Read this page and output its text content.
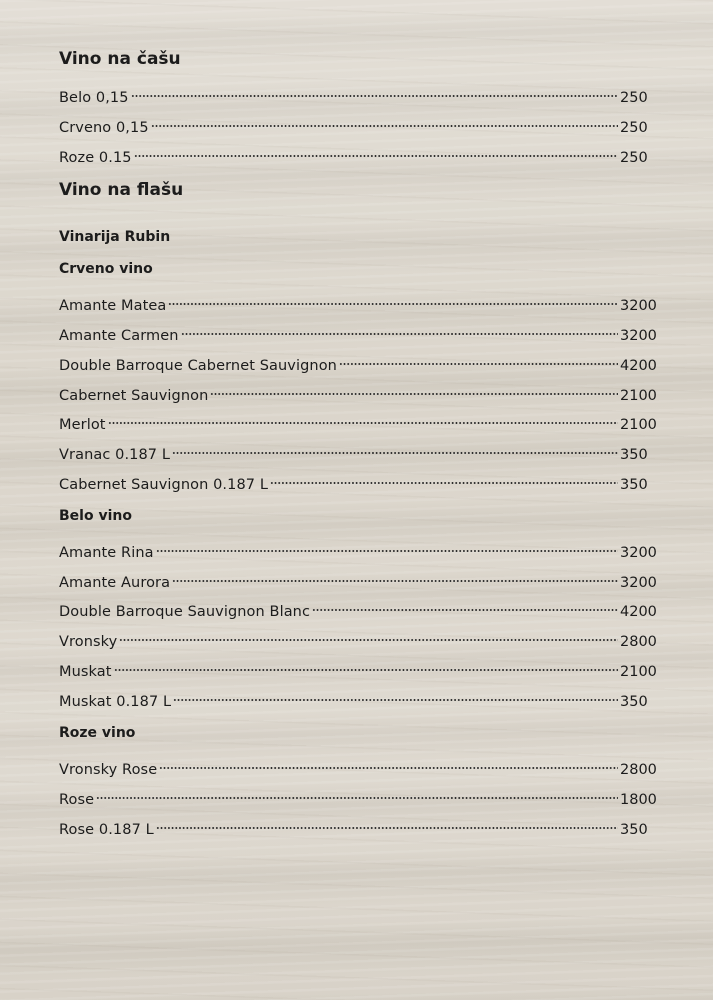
Vino na čašu
Belo 0,15	250
Crveno 0,15	250
Roze 0.15	250
Vino na flašu
Vinarija Rubin
Crveno vino
Amante Matea	3200
Amante Carmen	3200
Double Barroque Cabernet Sauvignon	4200
Cabernet Sauvignon	2100
Merlot	2100
Vranac 0.187 L	350
Cabernet Sauvignon 0.187 L	350
Belo vino
Amante Rina	3200
Amante Aurora	3200
Double Barroque Sauvignon Blanc	4200
Vronsky	2800
Muskat	2100
Muskat 0.187 L	350
Roze vino
Vronsky Rose	2800
Rose	1800
Rose 0.187 L	350
